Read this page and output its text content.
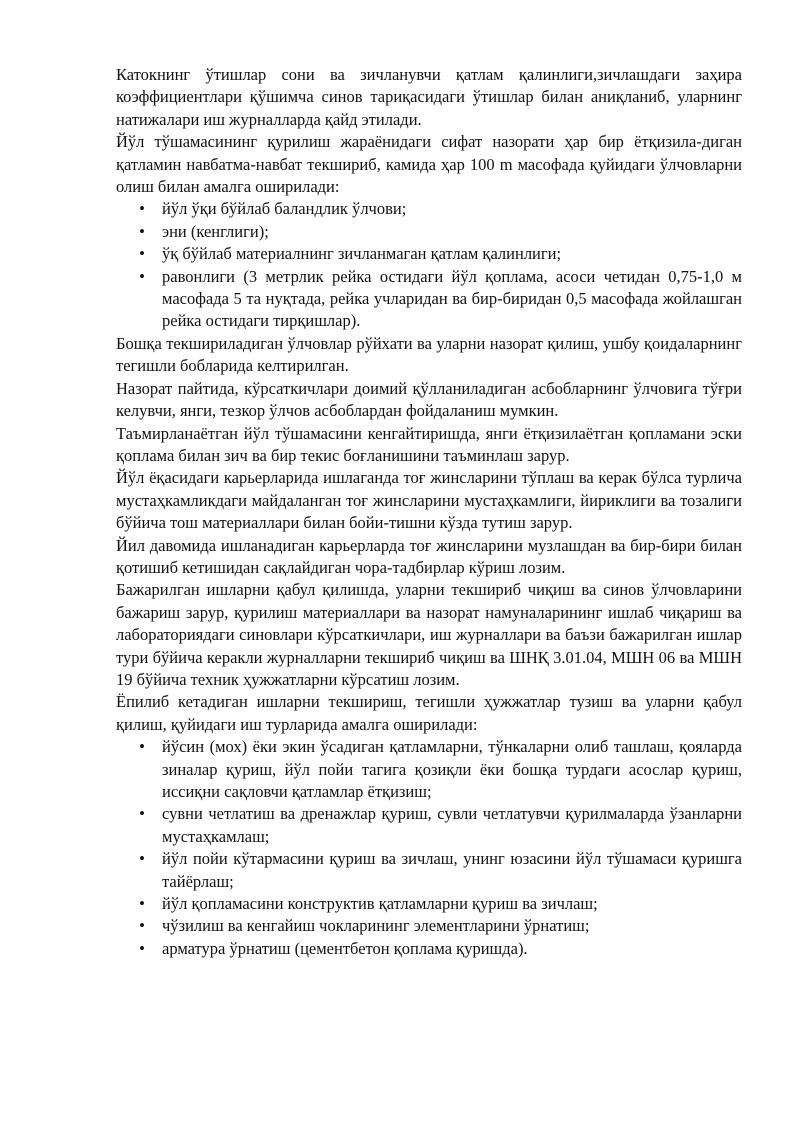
Катокнинг ўтишлар сони ва зичланувчи қатлам қалинлиги,зичлашдаги заҳира коэффициентлари қўшимча синов тариқасидаги ўтишлар билан аниқланиб, уларнинг натижалари иш журналларда қайд этилади.

Йўл тўшамасининг қурилиш жараёнидаги сифат назорати ҳар бир ётқизила-диган қатламин навбатма-навбат текшириб, камида ҳар 100 m масофада қуйидаги ўлчовларни олиш билан амалга оширилади:

• йўл ўқи бўйлаб баландлик ўлчови;
• эни (кенглиги);
• ўқ бўйлаб материалнинг зичланмаган қатлам қалинлиги;
• равонлиги (3 метрлик рейка остидаги йўл қоплама, асоси четидан 0,75-1,0 м масофада 5 та нуқтада, рейка учларидан ва бир-биридан 0,5 масофада жойлашган рейка остидаги тирқишлар).

Бошқа текшириладиган ўлчовлар рўйхати ва уларни назорат қилиш, ушбу қоидаларнинг тегишли бобларида келтирилган.

Назорат пайтида, кўрсаткичлари доимий қўлланиладиган асбобларнинг ўлчовига тўғри келувчи, янги, тезкор ўлчов асбоблардан фойдаланиш мумкин.

Таъмирланаётган йўл тўшамасини кенгайтиришда, янги ётқизилаётган қопламани эски қоплама билан зич ва бир текис боғланишини таъминлаш зарур.

Йўл ёқасидаги карьерларида ишлаганда тоғ жинсларини тўплаш ва керак бўлса турлича мустаҳкамликдаги майдаланган тоғ жинсларини мустаҳкамлиги, йириклиги ва тозалиги бўйича тош материаллари билан бойи-тишни кўзда тутиш зарур.

Йил давомида ишланадиган карьерларда тоғ жинсларини музлашдан ва бир-бири билан қотишиб кетишидан сақлайдиган чора-тадбирлар кўриш лозим.

Бажарилган ишларни қабул қилишда, уларни текшириб чиқиш ва синов ўлчовларини бажариш зарур, қурилиш материаллари ва назорат намуналарининг ишлаб чиқариш ва лабораториядаги синовлари кўрсаткичлари, иш журналлари ва баъзи бажарилган ишлар тури бўйича керакли журналларни текшириб чиқиш ва ШНҚ 3.01.04, МШН 06 ва МШН 19 бўйича техник ҳужжатларни кўрсатиш лозим.

Ёпилиб кетадиган ишларни текшириш, тегишли ҳужжатлар тузиш ва уларни қабул қилиш, қуйидаги иш турларида амалга оширилади:

• йўсин (мох) ёки экин ўсадиган қатламларни, тўнкаларни олиб ташлаш, қояларда зиналар қуриш, йўл пойи тагига қозиқли ёки бошқа турдаги асослар қуриш, иссиқни сақловчи қатламлар ётқизиш;
• сувни четлатиш ва дренажлар қуриш, сувли четлатувчи қурилмаларда ўзанларни мустаҳкамлаш;
• йўл пойи кўтармасини қуриш ва зичлаш, унинг юзасини йўл тўшамаси қуришга тайёрлаш;
• йўл қопламасини конструктив қатламларни қуриш ва зичлаш;
• чўзилиш ва кенгайиш чокларининг элементларини ўрнатиш;
• арматура ўрнатиш (цементбетон қоплама қуришда).
